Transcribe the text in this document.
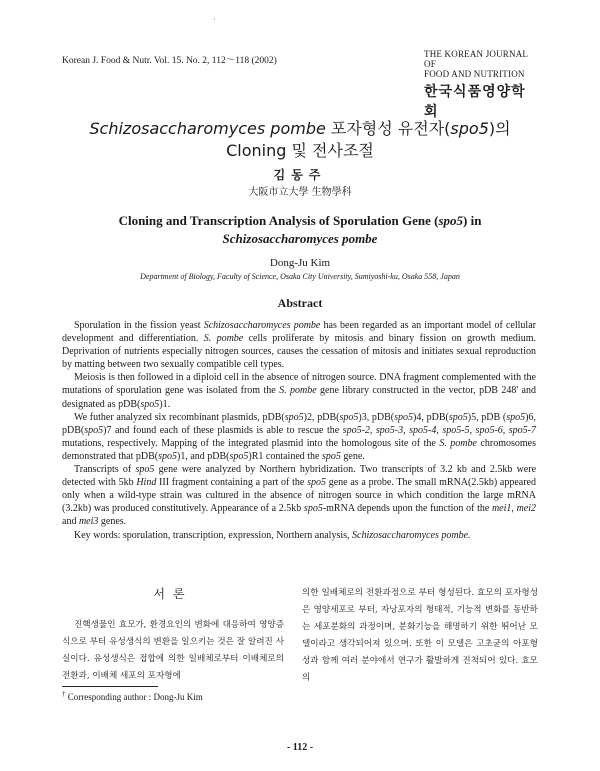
·
Korean J. Food & Nutr. Vol. 15. No. 2, 112～118 (2002)
THE KOREAN JOURNAL OF
FOOD AND NUTRITION
한국식품영양학회
Schizosaccharomyces pombe 포자형성 유전자(spo5)의
Cloning 및 전사조절
김동주
大阪市立大學 生物學科
Cloning and Transcription Analysis of Sporulation Gene (spo5) in
Schizosaccharomyces pombe
Dong-Ju Kim
Department of Biology, Faculty of Science, Osaka City University, Sumiyoshi-ku, Osaka 558, Japan
Abstract

Sporulation in the fission yeast Schizosaccharomyces pombe has been regarded as an important model of cellular development and differentiation. S. pombe cells proliferate by mitosis and binary fission on growth medium. Deprivation of nutrients especially nitrogen sources, causes the cessation of mitosis and initiates sexual reproduction by matting between two sexually compatible cell types.

Meiosis is then followed in a diploid cell in the absence of nitrogen source. DNA fragment complemented with the mutations of sporulation gene was isolated from the S. pombe gene library constructed in the vector, pDB 248' and designated as pDB(spo5)1.

We futher analyzed six recombinant plasmids, pDB(spo5)2, pDB(spo5)3, pDB(spo5)4, pDB(spo5)5, pDB (spo5)6, pDB(spo5)7 and found each of these plasmids is able to rescue the spo5-2, spo5-3, spo5-4, spo5-5, spo5-6, spo5-7 mutations, respectively. Mapping of the integrated plasmid into the homologous site of the S. pombe chromosomes demonstrated that pDB(spo5)1, and pDB(spo5)R1 contained the spo5 gene.

Transcripts of spo5 gene were analyzed by Northern hybridization. Two transcripts of 3.2 kb and 2.5kb were detected with 5kb Hind III fragment containing a part of the spo5 gene as a probe. The small mRNA(2.5kb) appeared only when a wild-type strain was cultured in the absence of nitrogen source in which condition the large mRNA (3.2kb) was produced constitutively. Appearance of a 2.5kb spo5-mRNA depends upon the function of the mei1, mei2 and mei3 genes.

Key words: sporulation, transcription, expression, Northern analysis, Schizosaccharomyces pombe.

서론

진핵생물인 효모가, 환경요인의 변화에 대응하여 영양증식으로 부터 유성생식의 변환을 일으키는 것은 잘 알려진 사실이다. 유성생식은 접합에 의한 일배체로부터 이배체로의 전환과, 이배체 세포의 포자형에

의한 일배체로의 전환과정으로 부터 형성된다. 효모의 포자형성은 영양세포로 부터, 자낭포자의 형태적, 기능적 변화를 동반하는 세포분화의 과정이며, 분화기능을 해명하기 위한 뛰어난 모델이라고 생각되어져 있으며. 또한 이 모델은 고초균의 아포형성과 함께 여러 분야에서 연구가 활발하게 진척되어 있다. 효모의

† Corresponding author : Dong-Ju Kim
- 112 -
